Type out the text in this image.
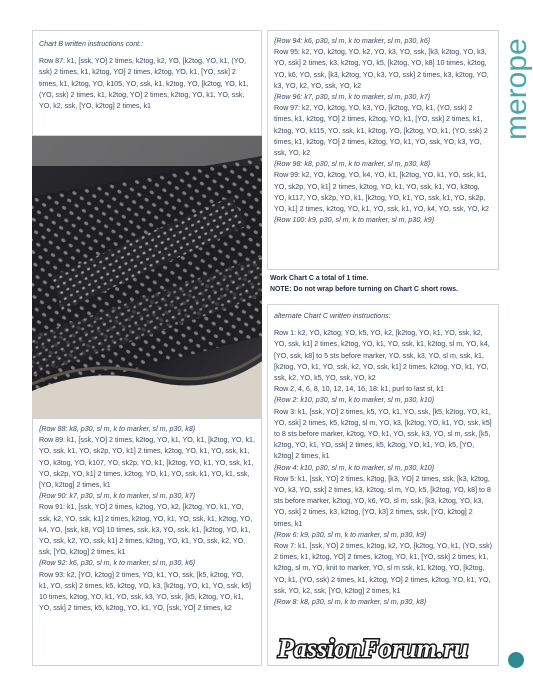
Chart B written instructions cont.:
Row 87: k1, [ssk, YO] 2 times, k2tog, k2, YO, [k2tog, YO, k1, (YO, ssk) 2 times, k1, k2tog, YO] 2 times, k2tog, YO, k1, [YO, ssk] 2 times, k1, k2tog, YO, k105, YO, ssk, k1, k2tog, YO, [k2tog, YO, k1, (YO, ssk) 2 times, k1, k2tog, YO] 2 times, k2tog, YO, k1, YO, ssk, YO, k2, ssk, [YO, k2tog] 2 times, k1

{Row 88: k8, p30, sl m, k to marker, sl m, p30, k8}
Row 89: k1, [ssk, YO] 2 times, k2tog, YO, k1, YO, k1, [k2tog, YO, k1, YO, ssk, k1, YO, sk2p, YO, k1] 2 times, k2tog, YO, k1, YO, ssk, k1, YO, k3tog, YO, k107, YO, sk2p, YO, k1, [k2tog, YO, k1, YO, ssk, k1, YO, sk2p, YO, k1] 2 times, k2tog, YO, k1, YO, ssk, k1, YO, k1, ssk, [YO, k2tog] 2 times, k1
{Row 90: k7, p30, sl m, k to marker, sl m, p30, k7}
Row 91: k1, [ssk, YO] 2 times, k2tog, YO, k2, [k2tog, YO, k1, YO, ssk, k2, YO, ssk, k1] 2 times, k2tog, YO, k1, YO, ssk, k1, k2tog, YO, k4, YO, [ssk, k8, YO] 10 times, ssk, k3, YO, ssk, k1, [k2tog, YO, k1, YO, ssk, k2, YO, ssk, k1] 2 times, k2tog, YO, k1, YO, ssk, k2, YO, ssk, [YO, k2tog] 2 times, k1
{Row 92: k6, p30, sl m, k to marker, sl m, p30, k6}
Row 93: k2, [YO, k2tog] 2 times, YO, k1, YO, ssk, [k5, k2tog, YO, k1, YO, ssk] 2 times, k5, k2tog, YO, k3, [k2tog, YO, k1, YO, ssk, k5] 10 times, k2tog, YO, k1, YO, ssk, k3, YO, ssk, [k5, k2tog, YO, k1, YO, ssk] 2 times, k5, k2tog, YO, k1, YO, [ssk, YO] 2 times, k2

{Row 94: k6, p30, sl m, k to marker, sl m, p30, k6}
Row 95: k2, YO, k2tog, YO, k2, YO, k3, YO, ssk, [k3, k2tog, YO, k3, YO, ssk] 2 times, k3, k2tog, YO, k5, [k2tog, YO, k8] 10 times, k2tog, YO, k6, YO, ssk, [k3, k2tog, YO, k3, YO, ssk] 2 times, k3, k2tog, YO, k3, YO, k2, YO, ssk, YO, k2
{Row 96: k7, p30, sl m, k to marker, sl m, p30, k7}
Row 97: k2, YO, k2tog, YO, k3, YO, [k2tog, YO, k1, (YO, ssk) 2 times, k1, k2tog, YO] 2 times, k2tog, YO, k1, [YO, ssk] 2 times, k1, k2tog, YO, k115, YO, ssk, k1, k2tog, YO, [k2tog, YO, k1, (YO, ssk) 2 times, k1, k2tog, YO] 2 times, k2tog, YO, k1, YO, ssk, YO, k3, YO, ssk, YO, k2
{Row 98: k8, p30, sl m, k to marker, sl m, p30, k8}
Row 99: k2, YO, k2tog, YO, k4, YO, k1, [k2tog, YO, k1, YO, ssk, k1, YO, sk2p, YO, k1] 2 times, k2tog, YO, k1, YO, ssk, k1, YO, k3tog, YO, k117, YO, sk2p, YO, k1, [k2tog, YO, k1, YO, ssk, k1, YO, sk2p, YO, k1] 2 times, k2tog, YO, k1, YO, ssk, k1, YO, k4, YO, ssk, YO, k2
{Row 100: k9, p30, sl m, k to marker, sl m, p30, k9}

Work Chart C a total of 1 time.
NOTE: Do not wrap before turning on Chart C short rows.

alternate Chart C written instructions:
Row 1: k2, YO, k2tog, YO, k5, YO, k2, [k2tog, YO, k1, YO, ssk, k2, YO, ssk, k1] 2 times, k2tog, YO, k1, YO, ssk, k1, k2tog, sl m, YO, k4, [YO, ssk, k8] to 5 sts before marker, YO, ssk, k3, YO, sl m, ssk, k1, [k2tog, YO, k1, YO, ssk, k2, YO, ssk, k1] 2 times, k2tog, YO, k1, YO, ssk, k2, YO, k5, YO, ssk, YO, k2
Row 2, 4, 6, 8, 10, 12, 14, 16, 18: k1, purl to last st, k1
{Row 2: k10, p30, sl m, k to marker, sl m, p30, k10}
Row 3: k1, [ssk, YO] 2 times, k5, YO, k1, YO, ssk, [k5, k2tog, YO, k1, YO, ssk] 2 times, k5, k2tog, sl m, YO, k3, [k2tog, YO, k1, YO, ssk, k5] to 8 sts before marker, k2tog, YO, k1, YO, ssk, k3, YO, sl m, ssk, [k5, k2tog, YO, k1, YO, ssk] 2 times, k5, k2tog, YO, k1, YO, k5, [YO, k2tog] 2 times, k1
{Row 4: k10, p30, sl m, k to marker, sl m, p30, k10}
Row 5: k1, [ssk, YO] 2 times, k2tog, [k3, YO] 2 times, ssk, [k3, k2tog, YO, k3, YO, ssk] 2 times, k3, k2tog, sl m, YO, k5, [k2tog, YO, k8] to 8 sts before marker, k2tog, YO, k6, YO, sl m, ssk, [k3, k2tog, YO, k3, YO, ssk] 2 times, k3, k2tog, [YO, k3] 2 times, ssk, [YO, k2tog] 2 times, k1
{Row 6: k9, p30, sl m, k to marker, sl m, p30, k9}
Row 7: k1, [ssk, YO] 2 times, k2tog, k2, YO, [k2tog, YO, k1, (YO, ssk) 2 times, k1, k2tog, YO] 2 times, k2tog, YO, k1, [YO, ssk] 2 times, k1, k2tog, sl m, YO, knit to marker, YO, sl m ssk, k1, k2tog, YO, [k2tog, YO, k1, (YO, ssk) 2 times, k1, k2tog, YO] 2 times, k2tog, YO, k1, YO, ssk, YO, k2, ssk, [YO, k2tog] 2 times, k1
{Row 8: k8, p30, sl m, k to marker, sl m, p30, k8}

merope
PassionForum.ru
